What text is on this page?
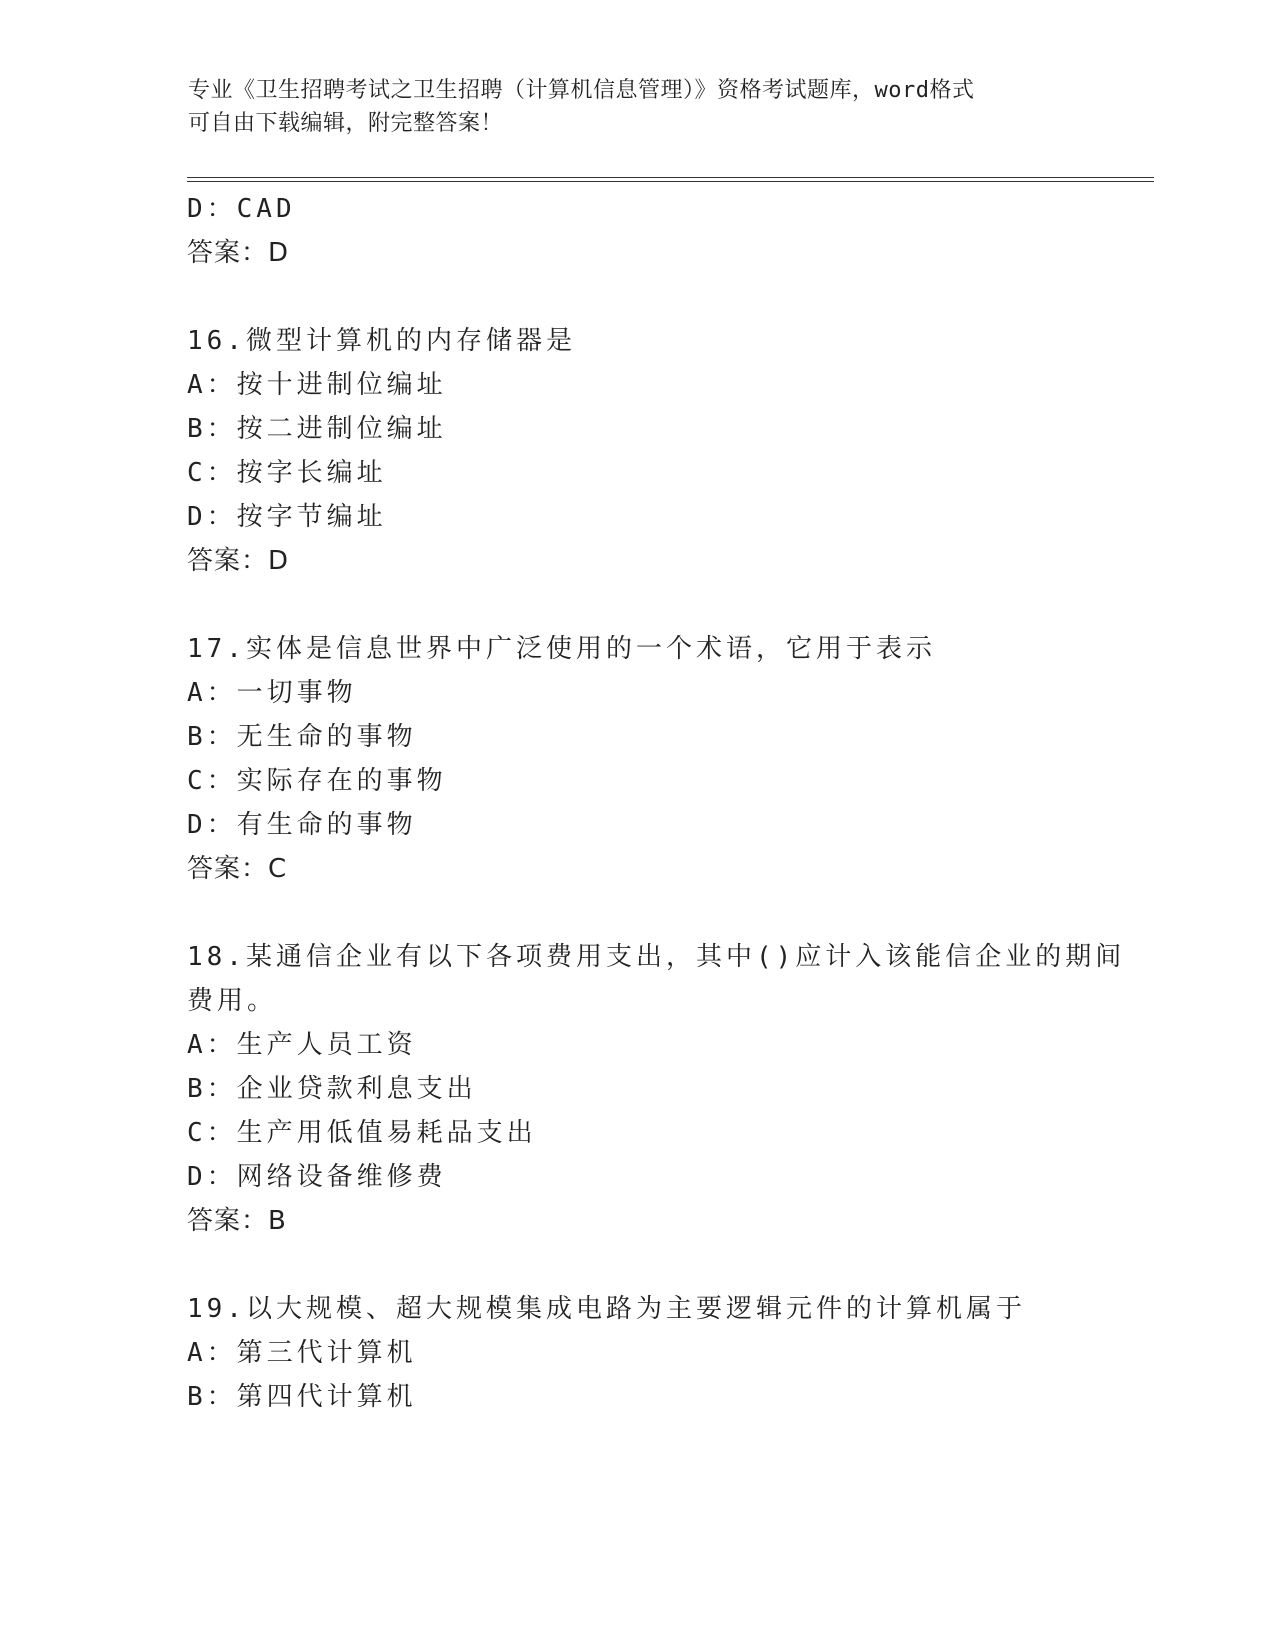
专业《卫生招聘考试之卫生招聘（计算机信息管理）》资格考试题库，word格式
可自由下载编辑，附完整答案！
D：CAD
答案：D
16.微型计算机的内存储器是
A：按十进制位编址
B：按二进制位编址
C：按字长编址
D：按字节编址
答案：D
17.实体是信息世界中广泛使用的一个术语，它用于表示
A：一切事物
B：无生命的事物
C：实际存在的事物
D：有生命的事物
答案：C
18.某通信企业有以下各项费用支出，其中()应计入该能信企业的期间
费用。
A：生产人员工资
B：企业贷款利息支出
C：生产用低值易耗品支出
D：网络设备维修费
答案：B
19.以大规模、超大规模集成电路为主要逻辑元件的计算机属于
A：第三代计算机
B：第四代计算机
